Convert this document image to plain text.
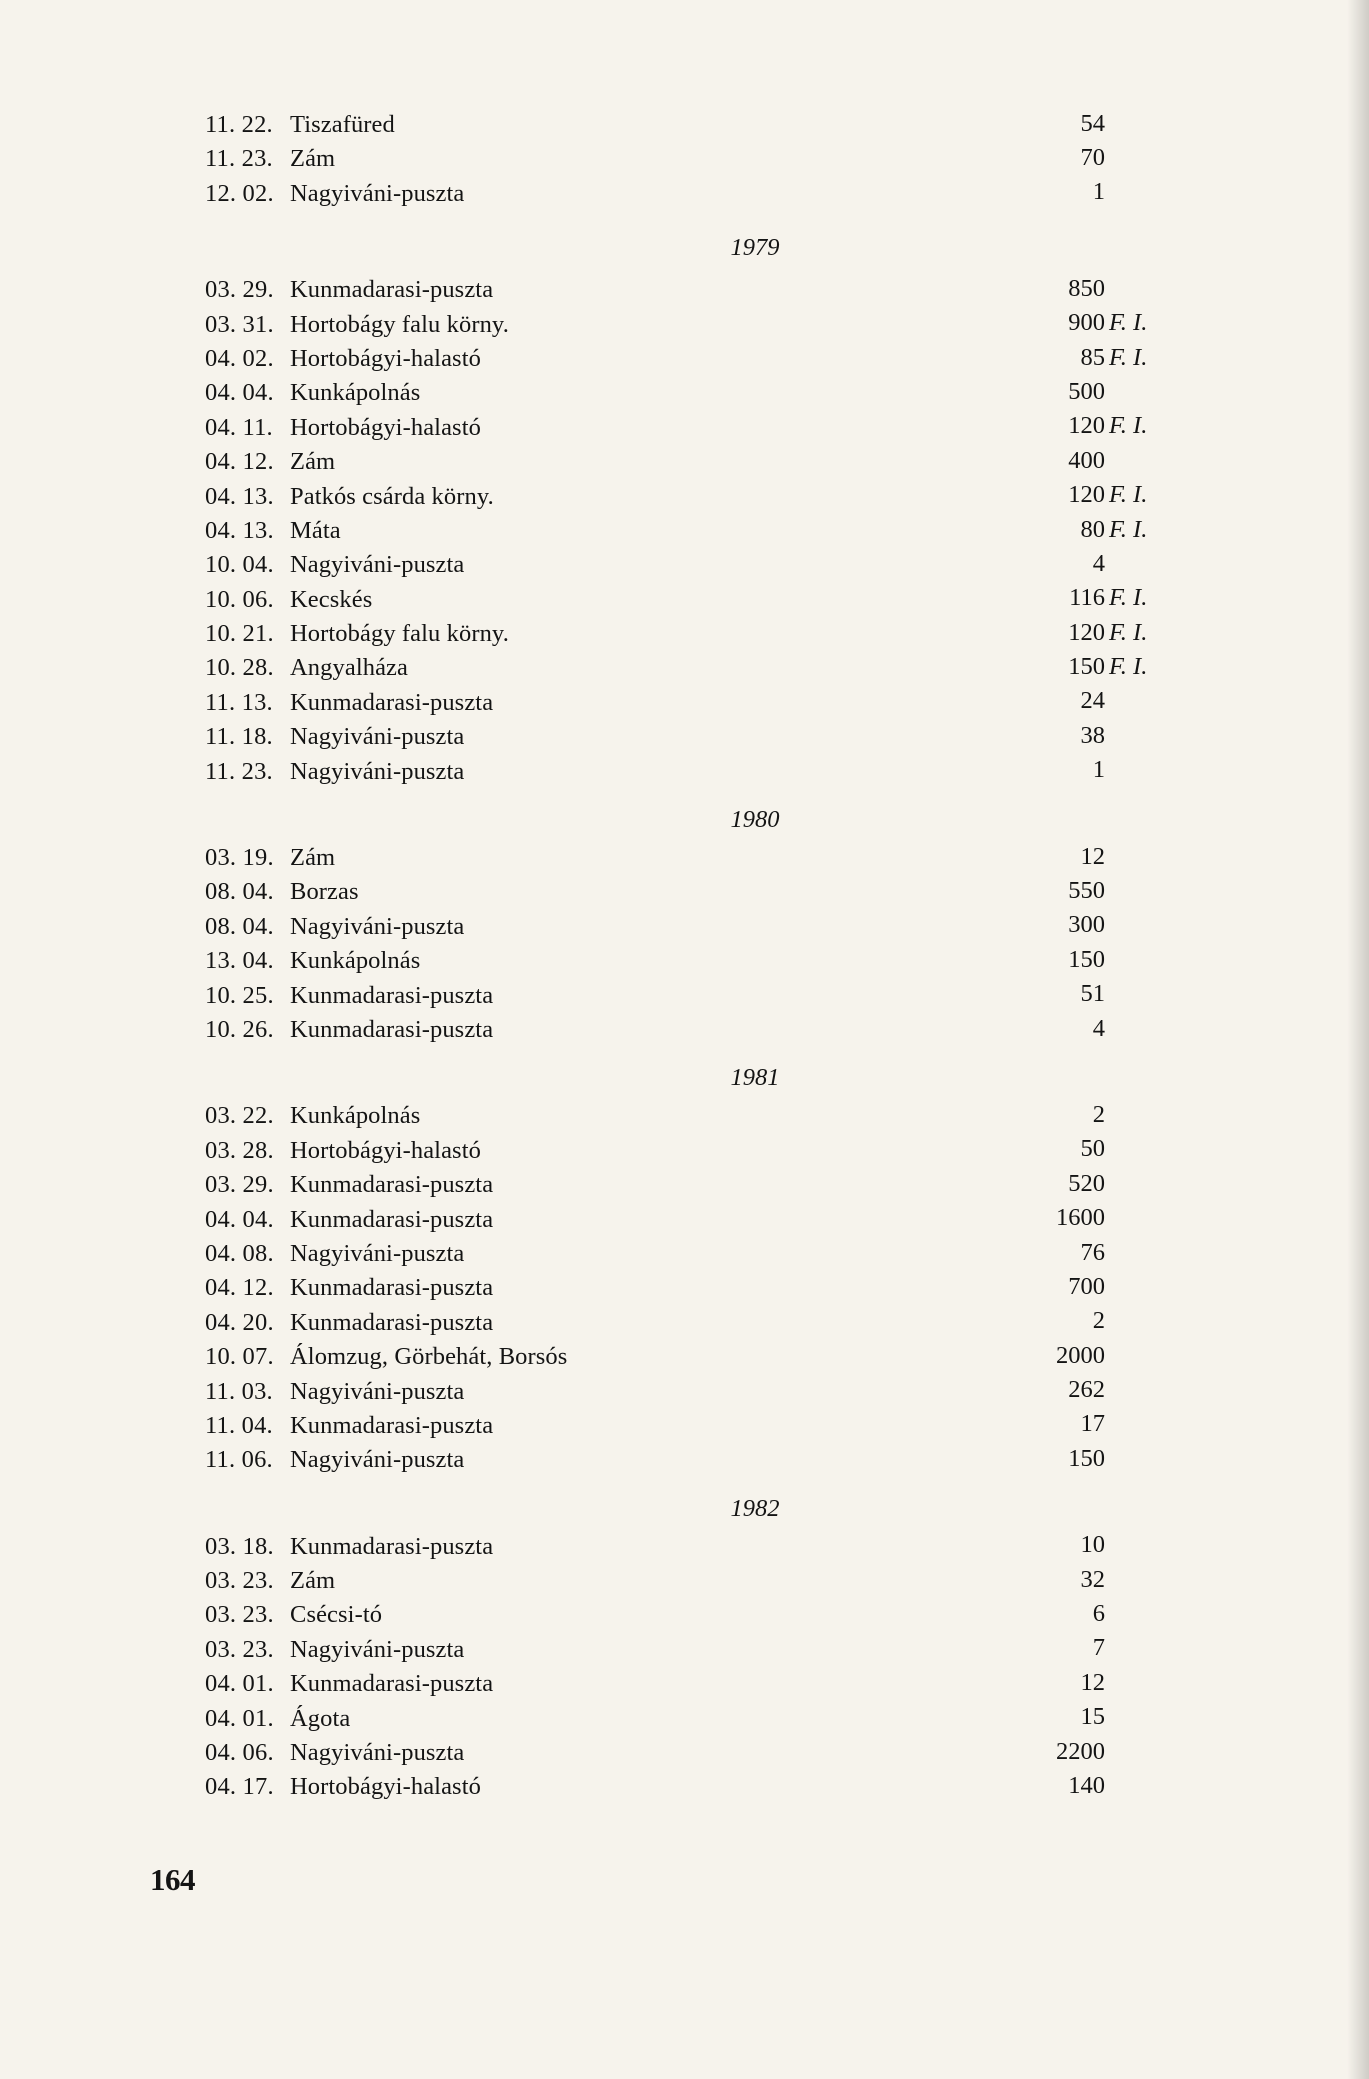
11. 22. Tiszafüred	54
11. 23. Zám	70
12. 02. Nagyiváni-puszta	1
1979
03. 29. Kunmadarasi-puszta	850
03. 31. Hortobágy falu körny.	900 F. I.
04. 02. Hortobágyi-halastó	85 F. I.
04. 04. Kunkápolnás	500
04. 11. Hortobágyi-halastó	120 F. I.
04. 12. Zám	400
04. 13. Patkós csárda körny.	120 F. I.
04. 13. Máta	80 F. I.
10. 04. Nagyiváni-puszta	4
10. 06. Kecskés	116 F. I.
10. 21. Hortobágy falu körny.	120 F. I.
10. 28. Angyalháza	150 F. I.
11. 13. Kunmadarasi-puszta	24
11. 18. Nagyiváni-puszta	38
11. 23. Nagyiváni-puszta	1
1980
03. 19. Zám	12
08. 04. Borzas	550
08. 04. Nagyiváni-puszta	300
13. 04. Kunkápolnás	150
10. 25. Kunmadarasi-puszta	51
10. 26. Kunmadarasi-puszta	4
1981
03. 22. Kunkápolnás	2
03. 28. Hortobágyi-halastó	50
03. 29. Kunmadarasi-puszta	520
04. 04. Kunmadarasi-puszta	1600
04. 08. Nagyiváni-puszta	76
04. 12. Kunmadarasi-puszta	700
04. 20. Kunmadarasi-puszta	2
10. 07. Álomzug, Görbehát, Borsós	2000
11. 03. Nagyiváni-puszta	262
11. 04. Kunmadarasi-puszta	17
11. 06. Nagyiváni-puszta	150
1982
03. 18. Kunmadarasi-puszta	10
03. 23. Zám	32
03. 23. Csécsi-tó	6
03. 23. Nagyiváni-puszta	7
04. 01. Kunmadarasi-puszta	12
04. 01. Ágota	15
04. 06. Nagyiváni-puszta	2200
04. 17. Hortobágyi-halastó	140
164
